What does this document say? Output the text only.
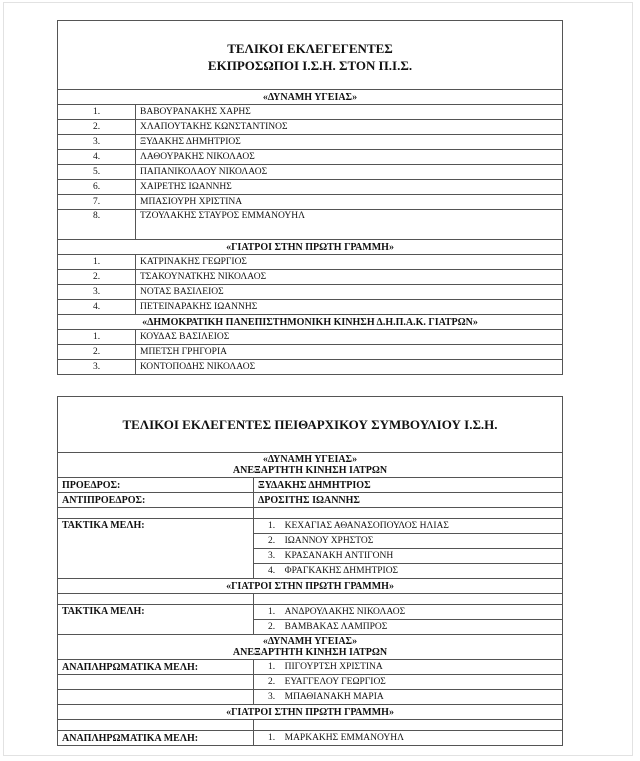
ΤΕΛΙΚΟΙ ΕΚΛΕΓΕΓΕΝΤΕΣ
ΕΚΠΡΟΣΩΠΟΙ Ι.Σ.Η. ΣΤΟΝ Π.Ι.Σ.	

«ΔΥΝΑΜΗ ΥΓΕΙΑΣ»	
1.	ΒΑΒΟΥΡΑΝΑΚΗΣ ΧΑΡΗΣ
2.	ΧΛΑΠΟΥΤΑΚΗΣ ΚΩΝΣΤΑΝΤΙΝΟΣ
3.	ΞΥΔΑΚΗΣ ΔΗΜΗΤΡΙΟΣ
4.	ΛΑΘΟΥΡΑΚΗΣ ΝΙΚΟΛΑΟΣ
5.	ΠΑΠΑΝΙΚΟΛΑΟΥ ΝΙΚΟΛΑΟΣ
6.	ΧΑΙΡΕΤΗΣ ΙΩΑΝΝΗΣ
7.	ΜΠΑΣΙΟΥΡΗ ΧΡΙΣΤΙΝΑ
8.	ΤΖΟΥΛΑΚΗΣ ΣΤΑΥΡΟΣ ΕΜΜΑΝΟΥΗΛ
«ΓΙΑΤΡΟΙ ΣΤΗΝ ΠΡΩΤΗ ΓΡΑΜΜΗ»	
1.	ΚΑΤΡΙΝΑΚΗΣ ΓΕΩΡΓΙΟΣ
2.	ΤΣΑΚΟΥΝΑΤΚΗΣ ΝΙΚΟΛΑΟΣ
3.	ΝΟΤΑΣ ΒΑΣΙΛΕΙΟΣ
4.	ΠΕΤΕΙΝΑΡΑΚΗΣ ΙΩΑΝΝΗΣ
«ΔΗΜΟΚΡΑΤΙΚΗ ΠΑΝΕΠΙΣΤΗΜΟΝΙΚΗ ΚΙΝΗΣΗ Δ.Η.Π.Α.Κ. ΓΙΑΤΡΩΝ»	
1.	ΚΟΥΔΑΣ ΒΑΣΙΛΕΙΟΣ
2.	ΜΠΕΤΣΗ ΓΡΗΓΟΡΙΑ
3.	ΚΟΝΤΟΠΟΔΗΣ ΝΙΚΟΛΑΟΣ
ΤΕΛΙΚΟΙ ΕΚΛΕΓΕΝΤΕΣ ΠΕΙΘΑΡΧΙΚΟΥ ΣΥΜΒΟΥΛΙΟΥ Ι.Σ.Η.	

«ΔΥΝΑΜΗ ΥΓΕΙΑΣ»
ΑΝΕΞΑΡΤΗΤΗ ΚΙΝΗΣΗ ΙΑΤΡΩΝ	

ΠΡΟΕΔΡΟΣ:	ΞΥΔΑΚΗΣ ΔΗΜΗΤΡΙΟΣ
ΑΝΤΙΠΡΟΕΔΡΟΣ:	ΔΡΟΣΙΤΗΣ ΙΩΑΝΝΗΣ

ΤΑΚΤΙΚΑ ΜΕΛΗ:	1.    ΚΕΧΑΓΙΑΣ ΑΘΑΝΑΣΟΠΟΥΛΟΣ ΗΛΙΑΣ
	2.    ΙΩΑΝΝΟΥ ΧΡΗΣΤΟΣ
	3.    ΚΡΑΣΑΝΑΚΗ ΑΝΤΙΓΟΝΗ
	4.    ΦΡΑΓΚΑΚΗΣ ΔΗΜΗΤΡΙΟΣ
«ΓΙΑΤΡΟΙ ΣΤΗΝ ΠΡΩΤΗ ΓΡΑΜΜΗ»	

ΤΑΚΤΙΚΑ ΜΕΛΗ:	1.    ΑΝΔΡΟΥΛΑΚΗΣ ΝΙΚΟΛΑΟΣ
	2.    ΒΑΜΒΑΚΑΣ ΛΑΜΠΡΟΣ

«ΔΥΝΑΜΗ ΥΓΕΙΑΣ»
ΑΝΕΞΑΡΤΗΤΗ ΚΙΝΗΣΗ ΙΑΤΡΩΝ	

ΑΝΑΠΛΗΡΩΜΑΤΙΚΑ ΜΕΛΗ:	1.    ΠΙΓΟΥΡΤΣΗ ΧΡΙΣΤΙΝΑ
	2.    ΕΥΑΓΓΕΛΟΥ ΓΕΩΡΓΙΟΣ
	3.    ΜΠΑΘΙΑΝΑΚΗ ΜΑΡΙΑ
«ΓΙΑΤΡΟΙ ΣΤΗΝ ΠΡΩΤΗ ΓΡΑΜΜΗ»	

ΑΝΑΠΛΗΡΩΜΑΤΙΚΑ ΜΕΛΗ:	1.    ΜΑΡΚΑΚΗΣ ΕΜΜΑΝΟΥΗΛ
